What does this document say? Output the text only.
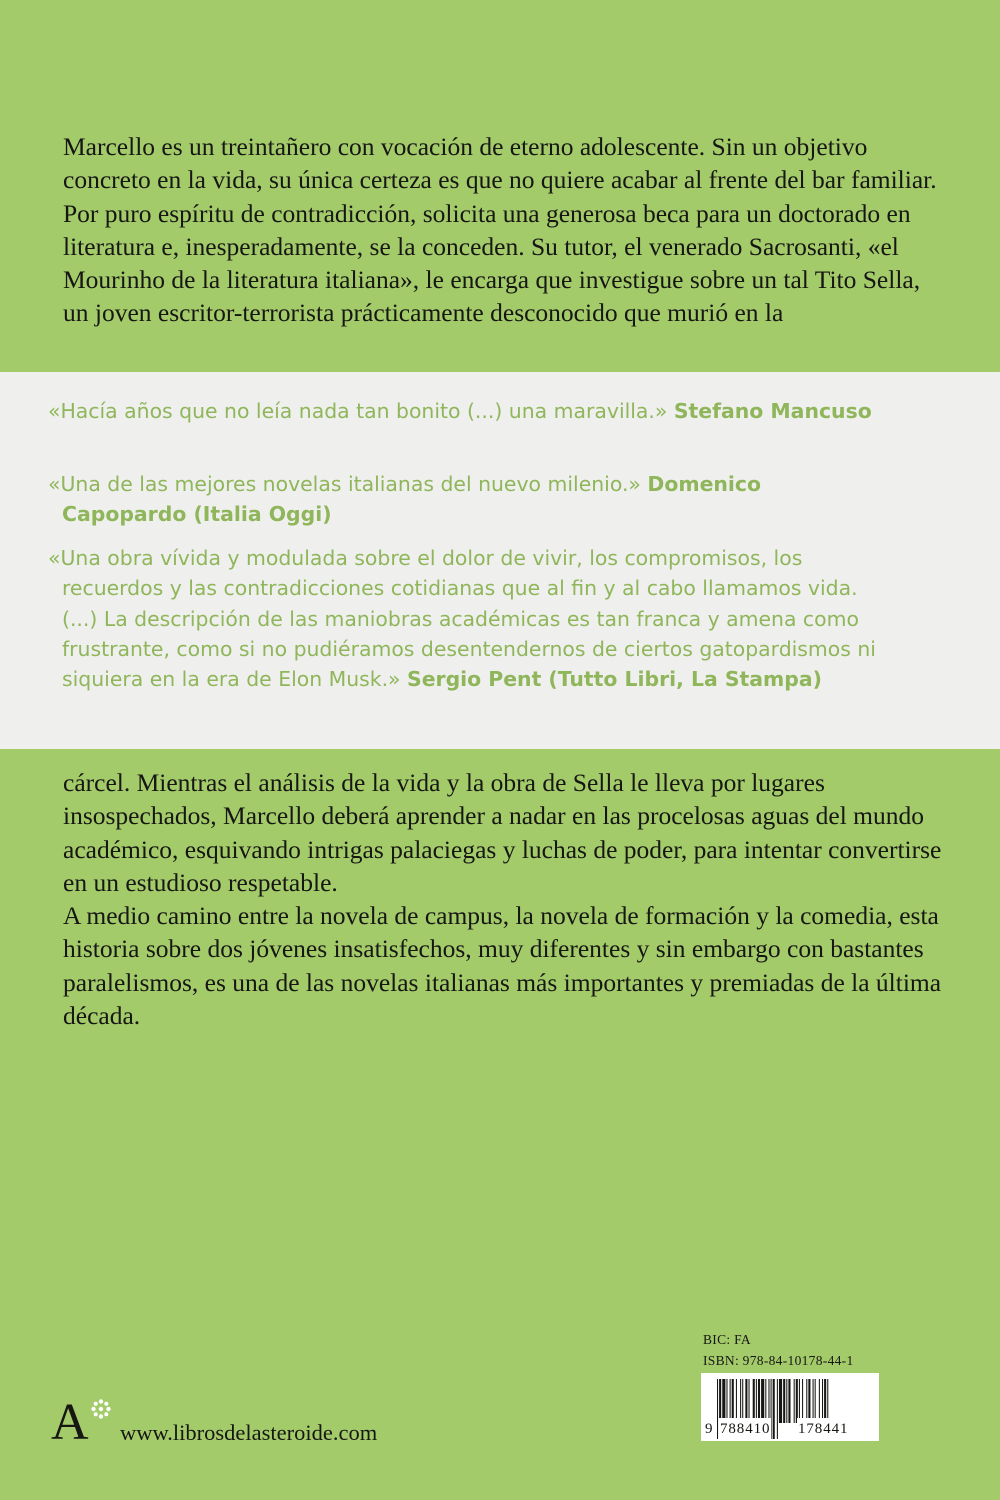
Marcello es un treintañero con vocación de eterno adolescente. Sin un objetivo concreto en la vida, su única certeza es que no quiere acabar al frente del bar familiar. Por puro espíritu de contradicción, solicita una generosa beca para un doctorado en literatura e, inesperadamente, se la conceden. Su tutor, el venerado Sacrosanti, «el Mourinho de la literatura italiana», le encarga que investigue sobre un tal Tito Sella, un joven escritor-terrorista prácticamente desconocido que murió en la

«Hacía años que no leía nada tan bonito (...) una maravilla.» Stefano Mancuso

«Una de las mejores novelas italianas del nuevo milenio.» Domenico Capopardo (Italia Oggi)

«Una obra vívida y modulada sobre el dolor de vivir, los compromisos, los recuerdos y las contradicciones cotidianas que al fin y al cabo llamamos vida. (...) La descripción de las maniobras académicas es tan franca y amena como frustrante, como si no pudiéramos desentendernos de ciertos gatopardismos ni siquiera en la era de Elon Musk.» Sergio Pent (Tutto Libri, La Stampa)

cárcel. Mientras el análisis de la vida y la obra de Sella le lleva por lugares insospechados, Marcello deberá aprender a nadar en las procelosas aguas del mundo académico, esquivando intrigas palaciegas y luchas de poder, para intentar convertirse en un estudioso respetable.

A medio camino entre la novela de campus, la novela de formación y la comedia, esta historia sobre dos jóvenes insatisfechos, muy diferentes y sin embargo con bastantes paralelismos, es una de las novelas italianas más importantes y premiadas de la última década.

A www.librosdelasteroide.com
BIC: FA
ISBN: 978-84-10178-44-1
9 788410 178441
